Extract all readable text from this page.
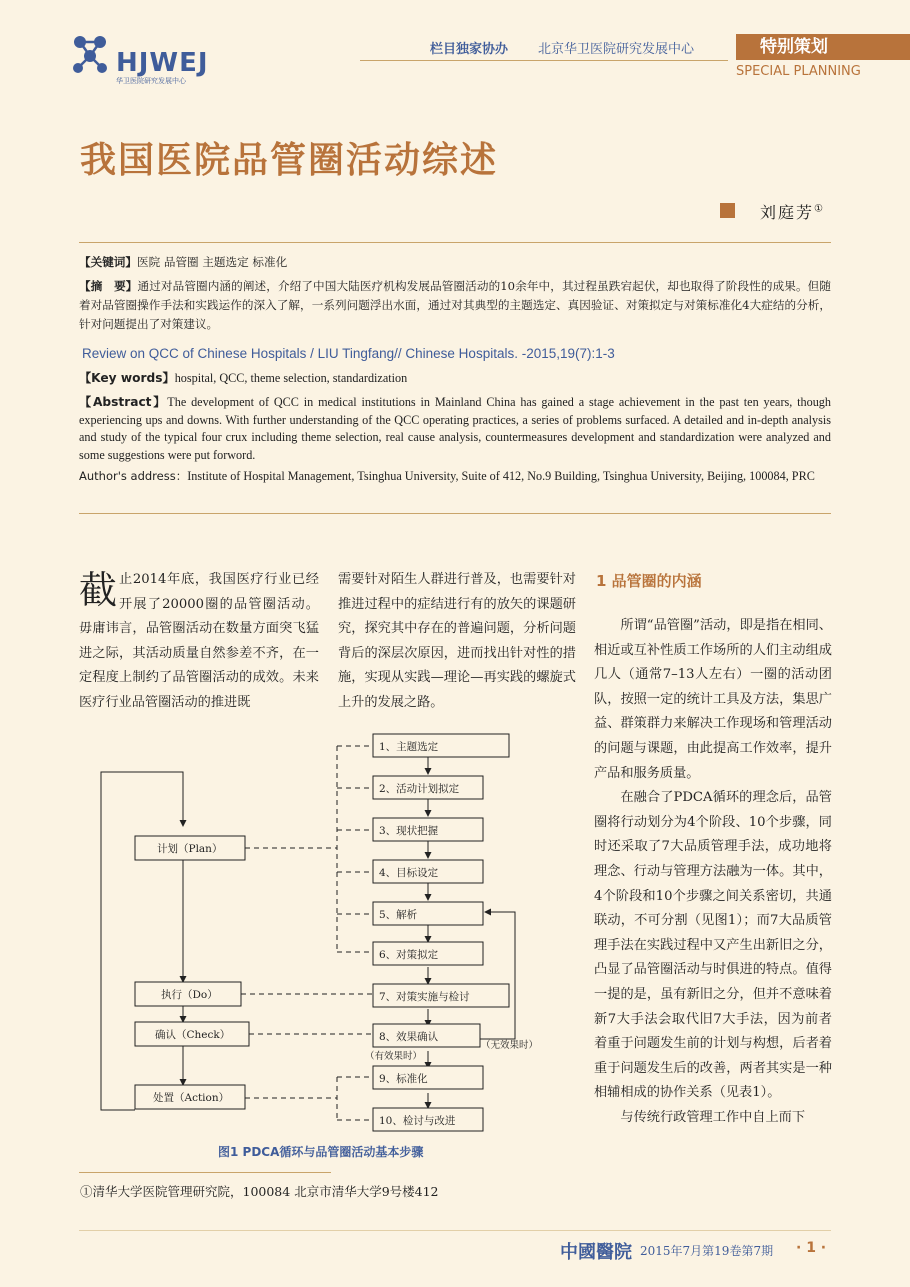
HJWEJ
华卫医院研究发展中心
栏目独家协办 北京华卫医院研究发展中心	特别策划
SPECIAL PLANNING
我国医院品管圈活动综述
刘庭芳①
【关键词】医院 品管圈 主题选定 标准化
【摘　要】通过对品管圈内涵的阐述，介绍了中国大陆医疗机构发展品管圈活动的10余年中，其过程虽跌宕起伏，却也取得了阶段性的成果。但随着对品管圈操作手法和实践运作的深入了解，一系列问题浮出水面，通过对其典型的主题选定、真因验证、对策拟定与对策标准化4大症结的分析，针对问题提出了对策建议。
Review on QCC of Chinese Hospitals / LIU Tingfang// Chinese Hospitals. -2015,19(7):1-3
【Key words】hospital, QCC, theme selection, standardization
【Abstract】The development of QCC in medical institutions in Mainland China has gained a stage achievement in the past ten years, though experiencing ups and downs. With further understanding of the QCC operating practices, a series of problems surfaced. A detailed and in-depth analysis and study of the typical four crux including theme selection, real cause analysis, countermeasures development and standardization were analyzed and some suggestions were put forword.
Author's address：Institute of Hospital Management, Tsinghua University, Suite of 412, No.9 Building, Tsinghua University, Beijing, 100084, PRC
截止2014年底，我国医疗行业已经开展了20000圈的品管圈活动。毋庸讳言，品管圈活动在数量方面突飞猛进之际，其活动质量自然参差不齐，在一定程度上制约了品管圈活动的成效。未来医疗行业品管圈活动的推进既
需要针对陌生人群进行普及，也需要针对推进过程中的症结进行有的放矢的课题研究，探究其中存在的普遍问题，分析问题背后的深层次原因，进而找出针对性的措施，实现从实践—理论—再实践的螺旋式上升的发展之路。
1 品管圈的内涵
所谓“品管圈”活动，即是指在相同、相近或互补性质工作场所的人们主动组成几人（通常7–13人左右）一圈的活动团队，按照一定的统计工具及方法，集思广益、群策群力来解决工作现场和管理活动的问题与课题，由此提高工作效率，提升产品和服务质量。
在融合了PDCA循环的理念后，品管圈将行动划分为4个阶段、10个步骤，同时还采取了7大品质管理手法，成功地将理念、行动与管理方法融为一体。其中，4个阶段和10个步骤之间关系密切，共通联动，不可分割（见图1）；而7大品质管理手法在实践过程中又产生出新旧之分，凸显了品管圈活动与时俱进的特点。值得一提的是，虽有新旧之分，但并不意味着新7大手法会取代旧7大手法，因为前者着重于问题发生前的计划与构想，后者着重于问题发生后的改善，两者其实是一种相辅相成的协作关系（见表1）。
与传统行政管理工作中自上而下
计划（Plan）
执行（Do）
确认（Check）
处置（Action）
1、主题选定
2、活动计划拟定
3、现状把握
4、目标设定
5、解析
6、对策拟定
7、对策实施与检讨
8、效果确认
9、标准化
10、检讨与改进
（有效果时）
（无效果时）
图1 PDCA循环与品管圈活动基本步骤
①清华大学医院管理研究院，100084 北京市清华大学9号楼412
中國醫院 2015年7月第19卷第7期 · 1 ·
